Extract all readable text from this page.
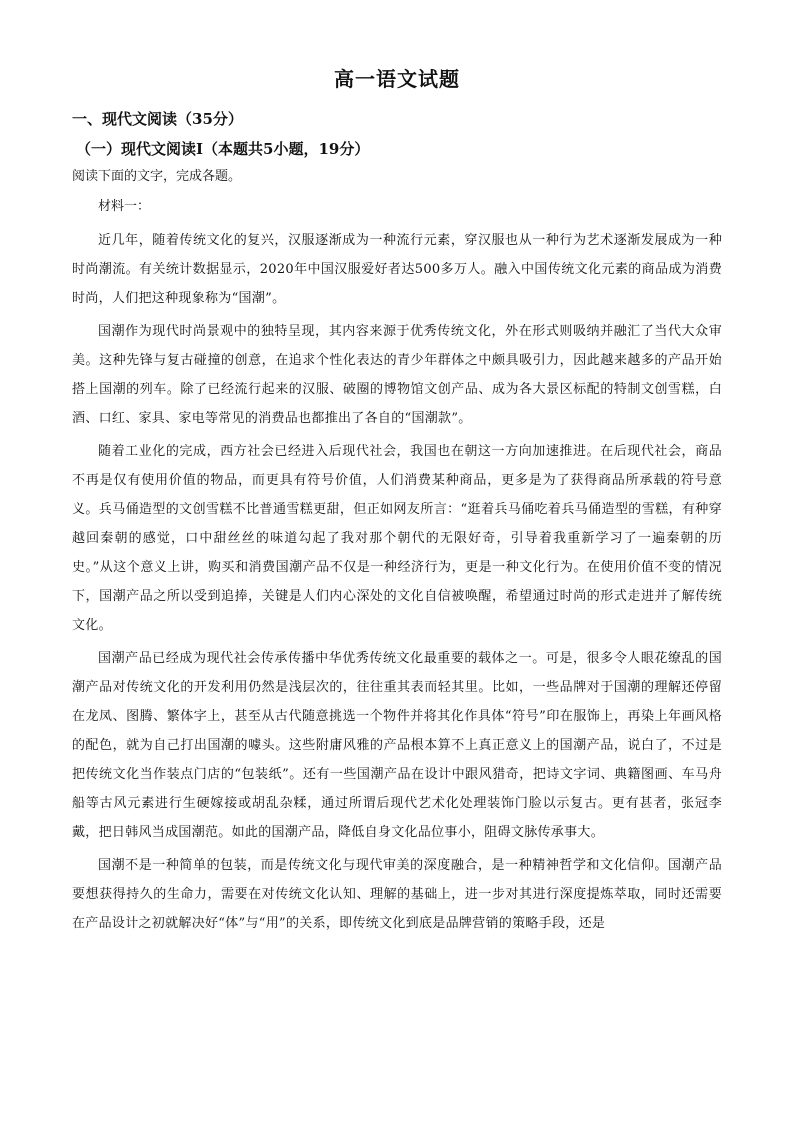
高一语文试题
一、现代文阅读（35分）
（一）现代文阅读Ⅰ（本题共5小题，19分）
阅读下面的文字，完成各题。
材料一：

近几年，随着传统文化的复兴，汉服逐渐成为一种流行元素，穿汉服也从一种行为艺术逐渐发展成为一种时尚潮流。有关统计数据显示，2020年中国汉服爱好者达500多万人。融入中国传统文化元素的商品成为消费时尚，人们把这种现象称为“国潮”。

国潮作为现代时尚景观中的独特呈现，其内容来源于优秀传统文化，外在形式则吸纳并融汇了当代大众审美。这种先锋与复古碰撞的创意，在追求个性化表达的青少年群体之中颇具吸引力，因此越来越多的产品开始搭上国潮的列车。除了已经流行起来的汉服、破圈的博物馆文创产品、成为各大景区标配的特制文创雪糕，白酒、口红、家具、家电等常见的消费品也都推出了各自的“国潮款”。

随着工业化的完成，西方社会已经进入后现代社会，我国也在朝这一方向加速推进。在后现代社会，商品不再是仅有使用价值的物品，而更具有符号价值，人们消费某种商品，更多是为了获得商品所承载的符号意义。兵马俑造型的文创雪糕不比普通雪糕更甜，但正如网友所言：“逛着兵马俑吃着兵马俑造型的雪糕，有种穿越回秦朝的感觉，口中甜丝丝的味道勾起了我对那个朝代的无限好奇，引导着我重新学习了一遍秦朝的历史。”从这个意义上讲，购买和消费国潮产品不仅是一种经济行为，更是一种文化行为。在使用价值不变的情况下，国潮产品之所以受到追捧，关键是人们内心深处的文化自信被唤醒，希望通过时尚的形式走进并了解传统文化。

国潮产品已经成为现代社会传承传播中华优秀传统文化最重要的载体之一。可是，很多令人眼花缭乱的国潮产品对传统文化的开发利用仍然是浅层次的，往往重其表而轻其里。比如，一些品牌对于国潮的理解还停留在龙凤、图腾、繁体字上，甚至从古代随意挑选一个物件并将其化作具体“符号”印在服饰上，再染上年画风格的配色，就为自己打出国潮的噱头。这些附庸风雅的产品根本算不上真正意义上的国潮产品，说白了，不过是把传统文化当作装点门店的“包装纸”。还有一些国潮产品在设计中跟风猎奇，把诗文字词、典籍图画、车马舟船等古风元素进行生硬嫁接或胡乱杂糅，通过所谓后现代艺术化处理装饰门脸以示复古。更有甚者，张冠李戴，把日韩风当成国潮范。如此的国潮产品，降低自身文化品位事小，阻碍文脉传承事大。

国潮不是一种简单的包装，而是传统文化与现代审美的深度融合，是一种精神哲学和文化信仰。国潮产品要想获得持久的生命力，需要在对传统文化认知、理解的基础上，进一步对其进行深度提炼萃取，同时还需要在产品设计之初就解决好“体”与“用”的关系，即传统文化到底是品牌营销的策略手段，还是
